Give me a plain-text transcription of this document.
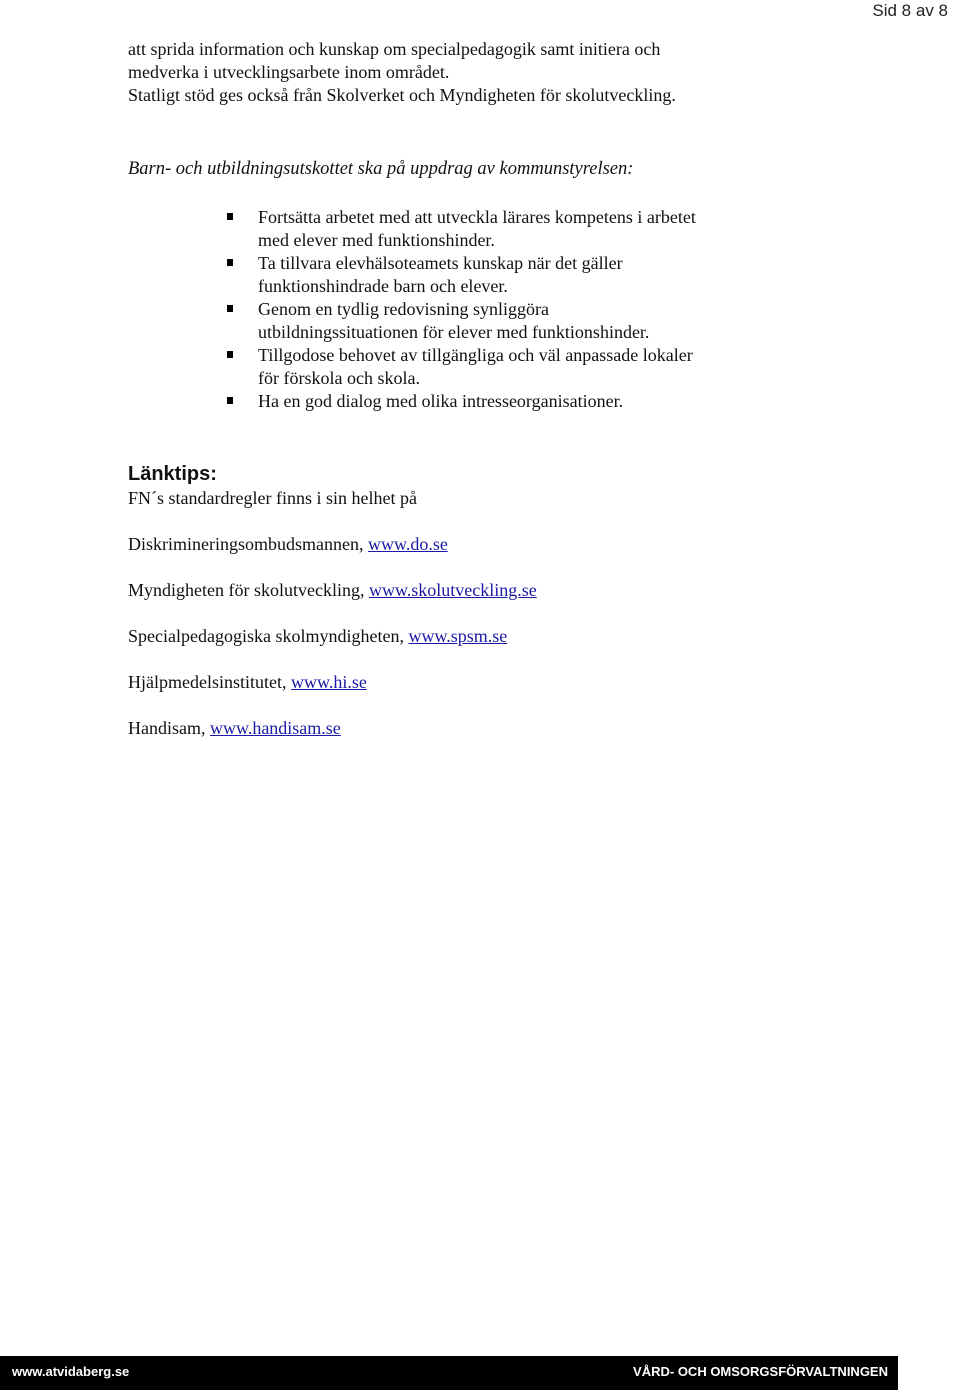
Sid 8 av 8

att sprida information och kunskap om specialpedagogik samt initiera och

medverka i utvecklingsarbete inom området.

Statligt stöd ges också från Skolverket och Myndigheten för skolutveckling.

Barn- och utbildningsutskottet ska på uppdrag av kommunstyrelsen:

Fortsätta arbetet med att utveckla lärares kompetens i arbetet
med elever med funktionshinder.
Ta tillvara elevhälsoteamets kunskap när det gäller
funktionshindrade barn och elever.
Genom en tydlig redovisning synliggöra
utbildningssituationen för elever med funktionshinder.
Tillgodose behovet av tillgängliga och väl anpassade lokaler
för förskola och skola.
Ha en god dialog med olika intresseorganisationer.
Länktips:

FN´s standardregler finns i sin helhet på

Diskrimineringsombudsmannen, www.do.se

Myndigheten för skolutveckling, www.skolutveckling.se

Specialpedagogiska skolmyndigheten, www.spsm.se

Hjälpmedelsinstitutet, www.hi.se

Handisam, www.handisam.se

www.atvidaberg.se	VÅRD- OCH OMSORGSFÖRVALTNINGEN
